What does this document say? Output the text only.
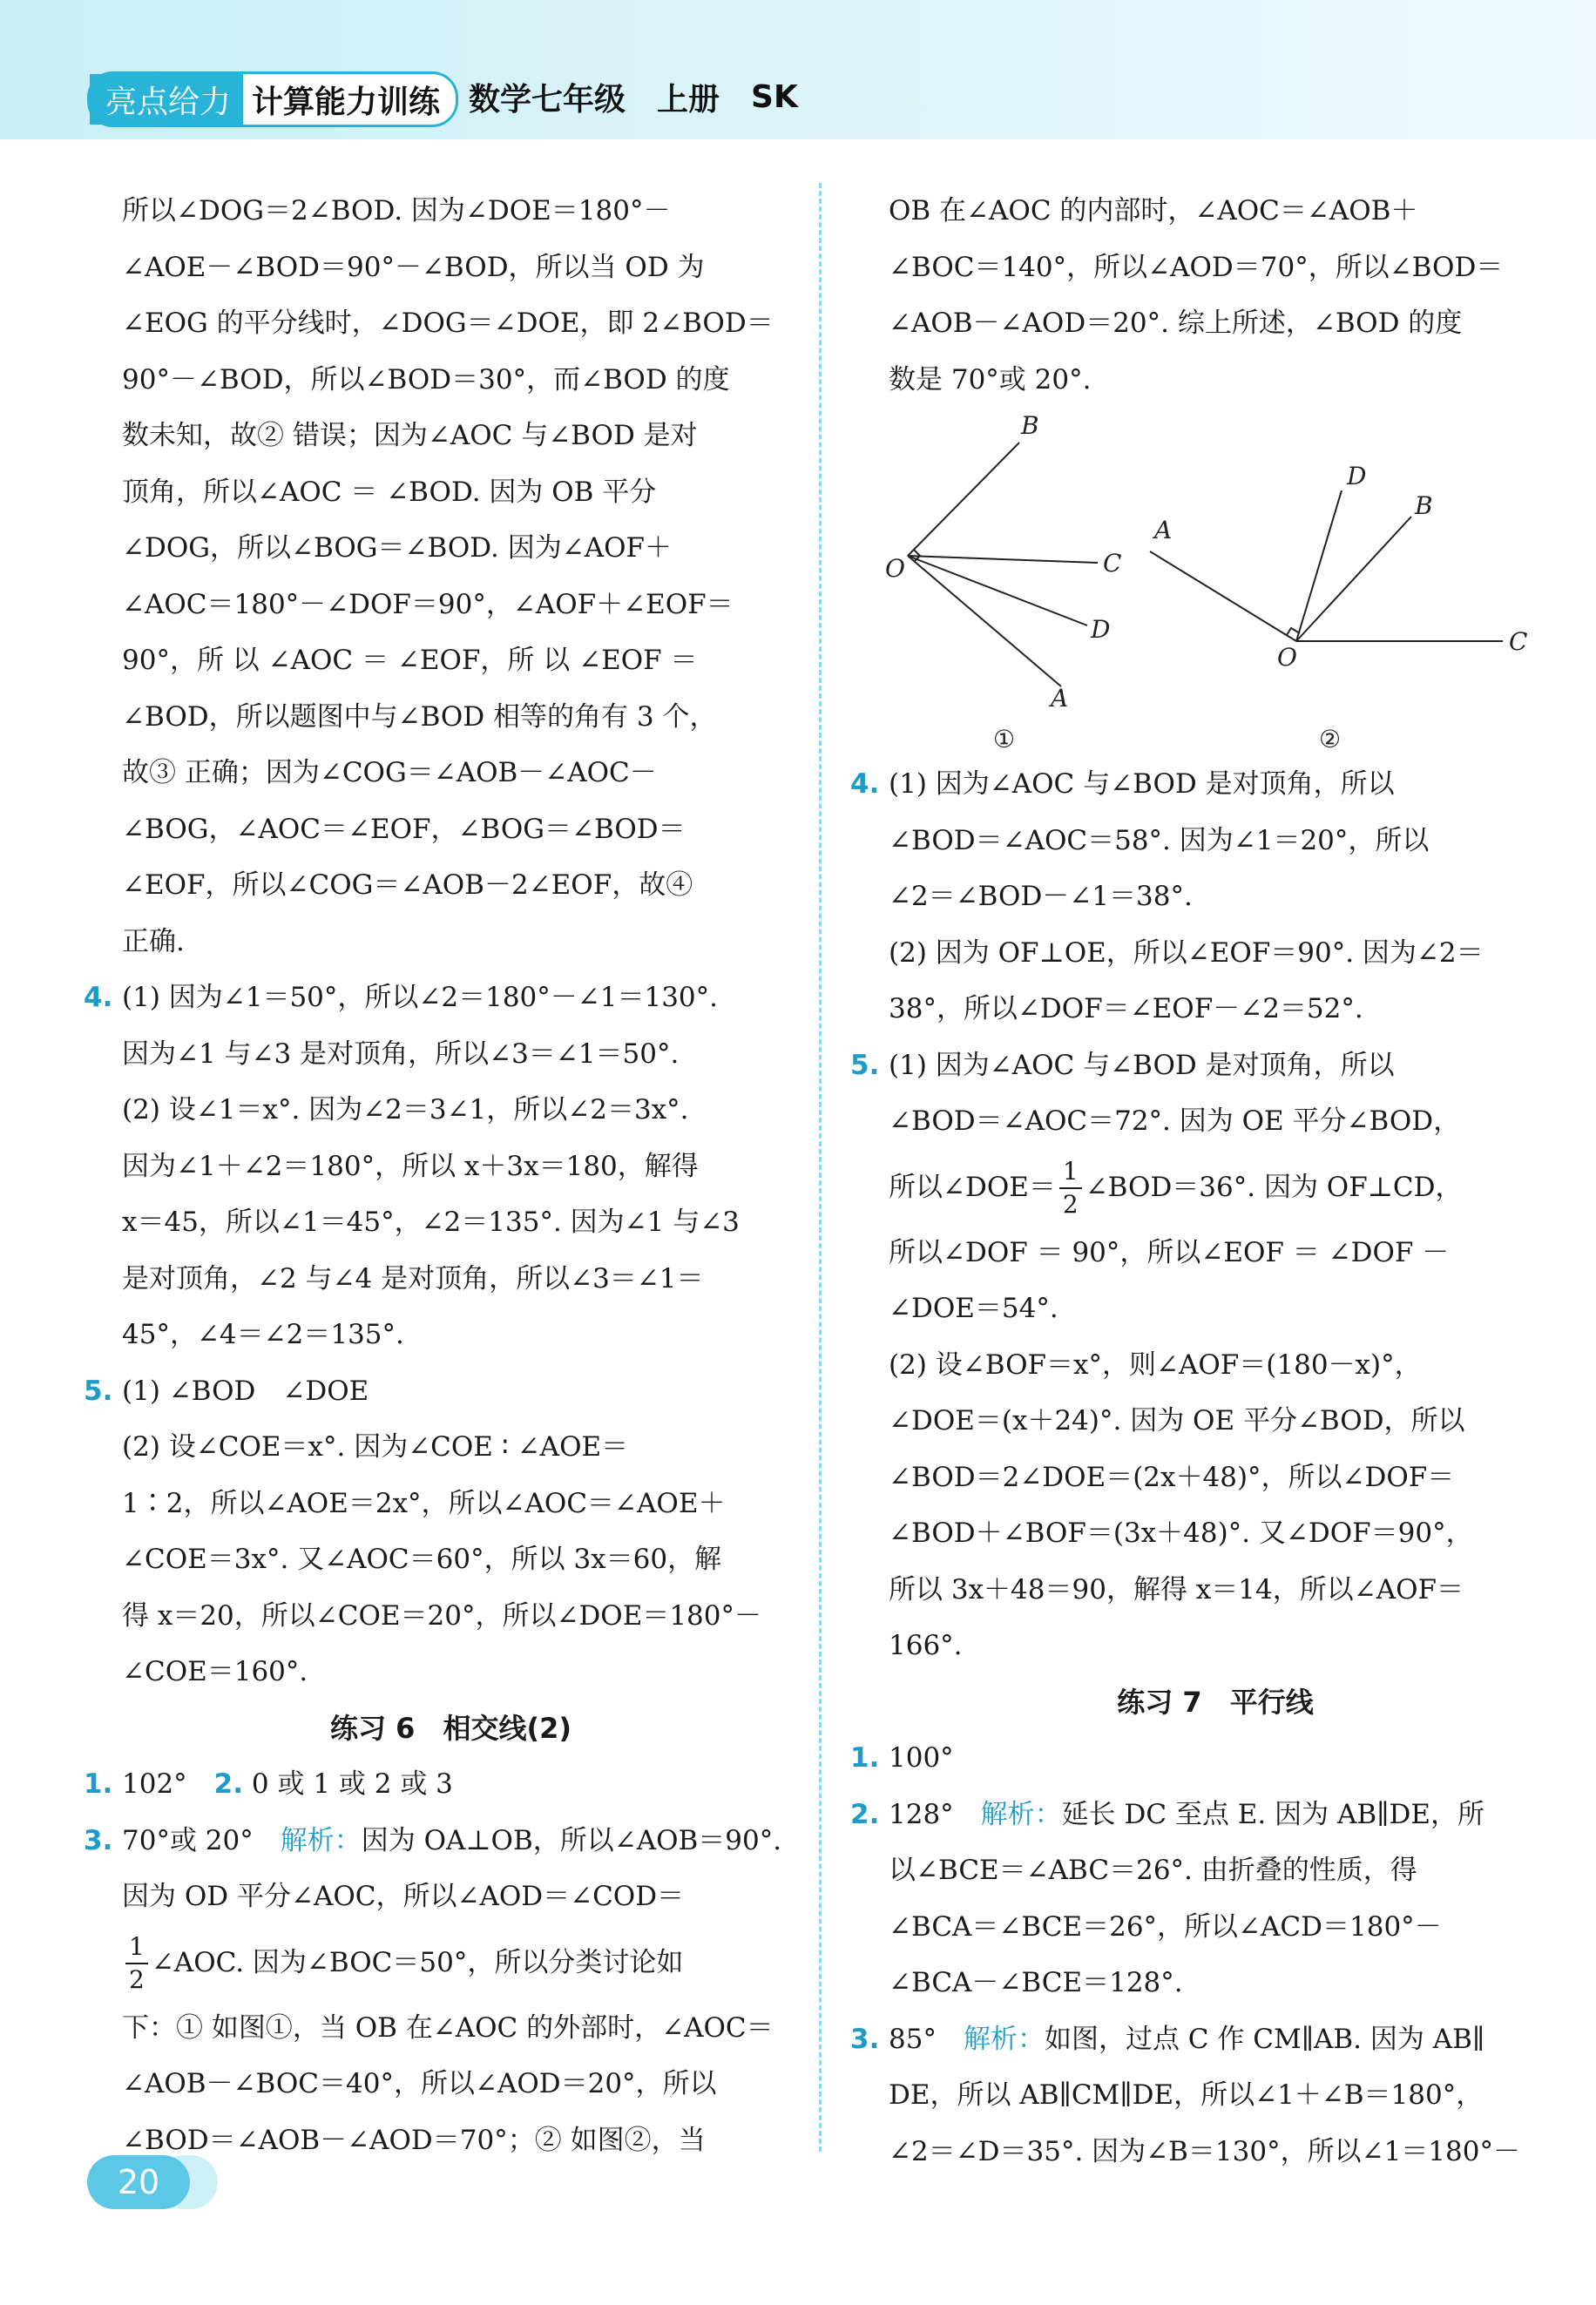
亮点给力 计算能力训练 数学七年级 上册 SK
所以∠DOG＝2∠BOD. 因为∠DOE＝180°－
∠AOE－∠BOD＝90°－∠BOD，所以当 OD 为
∠EOG 的平分线时，∠DOG＝∠DOE，即 2∠BOD＝
90°－∠BOD，所以∠BOD＝30°，而∠BOD 的度
数未知，故② 错误；因为∠AOC 与∠BOD 是对
顶角，所以∠AOC ＝ ∠BOD. 因为 OB 平分
∠DOG，所以∠BOG＝∠BOD. 因为∠AOF＋
∠AOC＝180°－∠DOF＝90°，∠AOF＋∠EOF＝
90°，所 以 ∠AOC ＝ ∠EOF，所 以 ∠EOF ＝
∠BOD，所以题图中与∠BOD 相等的角有 3 个，
故③ 正确；因为∠COG＝∠AOB－∠AOC－
∠BOG，∠AOC＝∠EOF，∠BOG＝∠BOD＝
∠EOF，所以∠COG＝∠AOB－2∠EOF，故④
正确.
4. (1) 因为∠1＝50°，所以∠2＝180°－∠1＝130°.
因为∠1 与∠3 是对顶角，所以∠3＝∠1＝50°.
(2) 设∠1＝x°. 因为∠2＝3∠1，所以∠2＝3x°.
因为∠1＋∠2＝180°，所以 x＋3x＝180，解得
x＝45，所以∠1＝45°，∠2＝135°. 因为∠1 与∠3
是对顶角，∠2 与∠4 是对顶角，所以∠3＝∠1＝
45°，∠4＝∠2＝135°.
5. (1) ∠BOD　∠DOE
(2) 设∠COE＝x°. 因为∠COE ∶ ∠AOE＝
1∶2，所以∠AOE＝2x°，所以∠AOC＝∠AOE＋
∠COE＝3x°. 又∠AOC＝60°，所以 3x＝60，解
得 x＝20，所以∠COE＝20°，所以∠DOE＝180°－
∠COE＝160°.
练习 6　相交线(2)
1. 102°　 2. 0 或 1 或 2 或 3
3. 70°或 20°　 解析：因为 OA⊥OB，所以∠AOB＝90°.
因为 OD 平分∠AOC，所以∠AOD＝∠COD＝
$\frac{1}{2}$ ∠AOC. 因为∠BOC＝50°，所以分类讨论如
下：① 如图①，当 OB 在∠AOC 的外部时，∠AOC＝
∠AOB－∠BOC＝40°，所以∠AOD＝20°，所以
∠BOD＝∠AOB－∠AOD＝70°；② 如图②，当
OB 在∠AOC 的内部时，∠AOC＝∠AOB＋
∠BOC＝140°，所以∠AOD＝70°，所以∠BOD＝
∠AOB－∠AOD＝20°. 综上所述，∠BOD 的度
数是 70°或 20°.
B
C
D
A
O
①
D
B
A
C
O
②
4. (1) 因为∠AOC 与∠BOD 是对顶角，所以
∠BOD＝∠AOC＝58°. 因为∠1＝20°，所以
∠2＝∠BOD－∠1＝38°.
(2) 因为 OF⊥OE，所以∠EOF＝90°. 因为∠2＝
38°，所以∠DOF＝∠EOF－∠2＝52°.
5. (1) 因为∠AOC 与∠BOD 是对顶角，所以
∠BOD＝∠AOC＝72°. 因为 OE 平分∠BOD，
所以∠DOE＝ $\frac{1}{2}$ ∠BOD＝36°. 因为 OF⊥CD，
所以∠DOF ＝ 90°，所以∠EOF ＝ ∠DOF －
∠DOE＝54°.
(2) 设∠BOF＝x°，则∠AOF＝(180－x)°，
∠DOE＝(x＋24)°. 因为 OE 平分∠BOD，所以
∠BOD＝2∠DOE＝(2x＋48)°，所以∠DOF＝
∠BOD＋∠BOF＝(3x＋48)°. 又∠DOF＝90°，
所以 3x＋48＝90，解得 x＝14，所以∠AOF＝
166°.
练习 7　平行线
1. 100°
2. 128°　 解析：延长 DC 至点 E. 因为 AB∥DE，所
以∠BCE＝∠ABC＝26°. 由折叠的性质，得
∠BCA＝∠BCE＝26°，所以∠ACD＝180°－
∠BCA－∠BCE＝128°.
3. 85°　 解析：如图，过点 C 作 CM∥AB. 因为 AB∥
DE，所以 AB∥CM∥DE，所以∠1＋∠B＝180°，
∠2＝∠D＝35°. 因为∠B＝130°，所以∠1＝180°－
20
